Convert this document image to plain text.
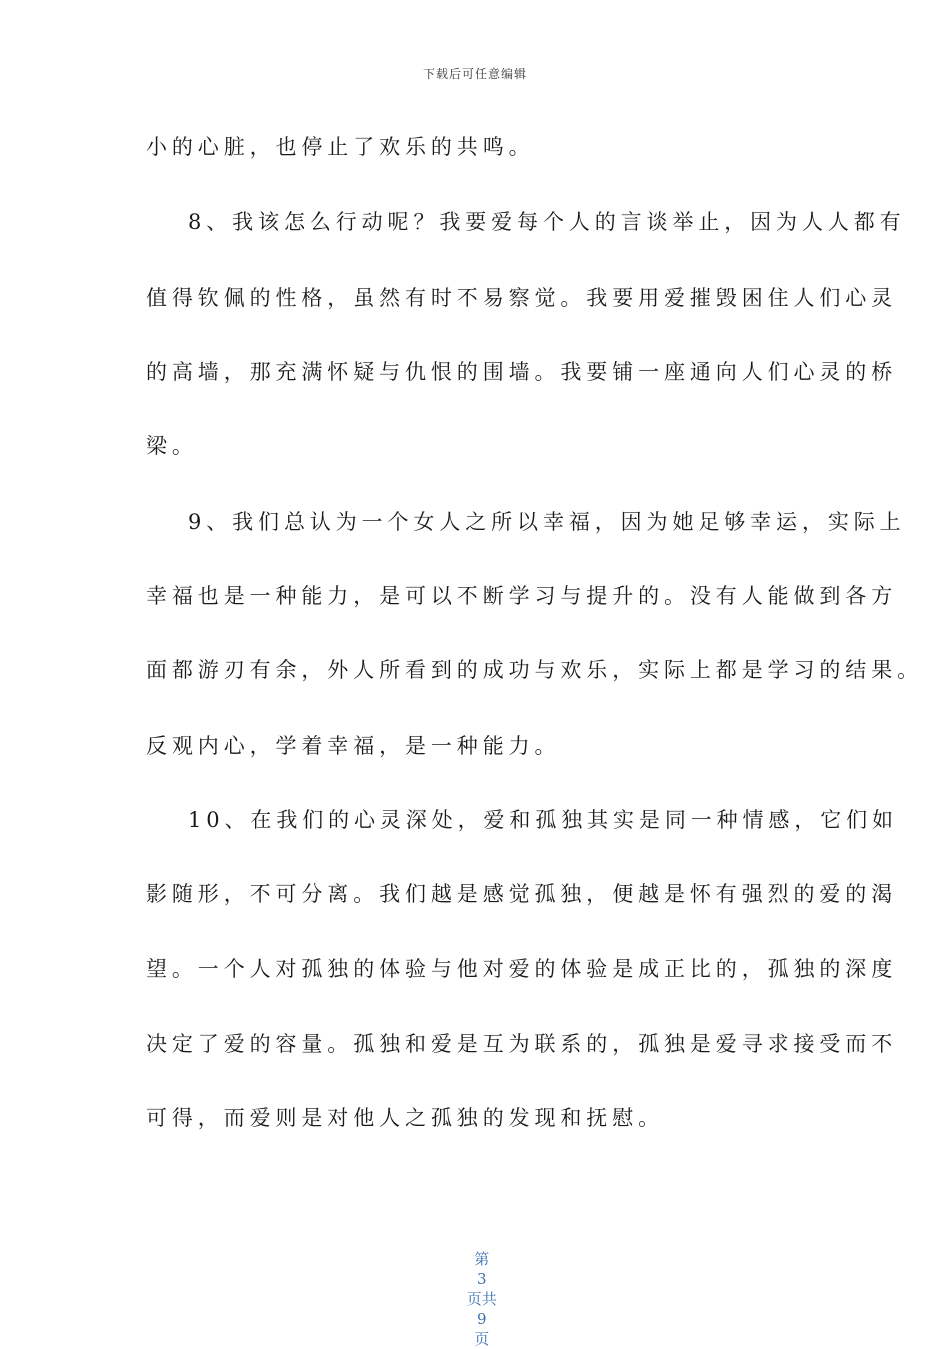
下载后可任意编辑
小的心脏，也停止了欢乐的共鸣。
8、我该怎么行动呢？我要爱每个人的言谈举止，因为人人都有
值得钦佩的性格，虽然有时不易察觉。我要用爱摧毁困住人们心灵
的高墙，那充满怀疑与仇恨的围墙。我要铺一座通向人们心灵的桥
梁。
9、我们总认为一个女人之所以幸福，因为她足够幸运，实际上
幸福也是一种能力，是可以不断学习与提升的。没有人能做到各方
面都游刃有余，外人所看到的成功与欢乐，实际上都是学习的结果。
反观内心，学着幸福，是一种能力。
10、在我们的心灵深处，爱和孤独其实是同一种情感，它们如
影随形，不可分离。我们越是感觉孤独，便越是怀有强烈的爱的渴
望。一个人对孤独的体验与他对爱的体验是成正比的，孤独的深度
决定了爱的容量。孤独和爱是互为联系的，孤独是爱寻求接受而不
可得，而爱则是对他人之孤独的发现和抚慰。

第
3
页共
9
页
